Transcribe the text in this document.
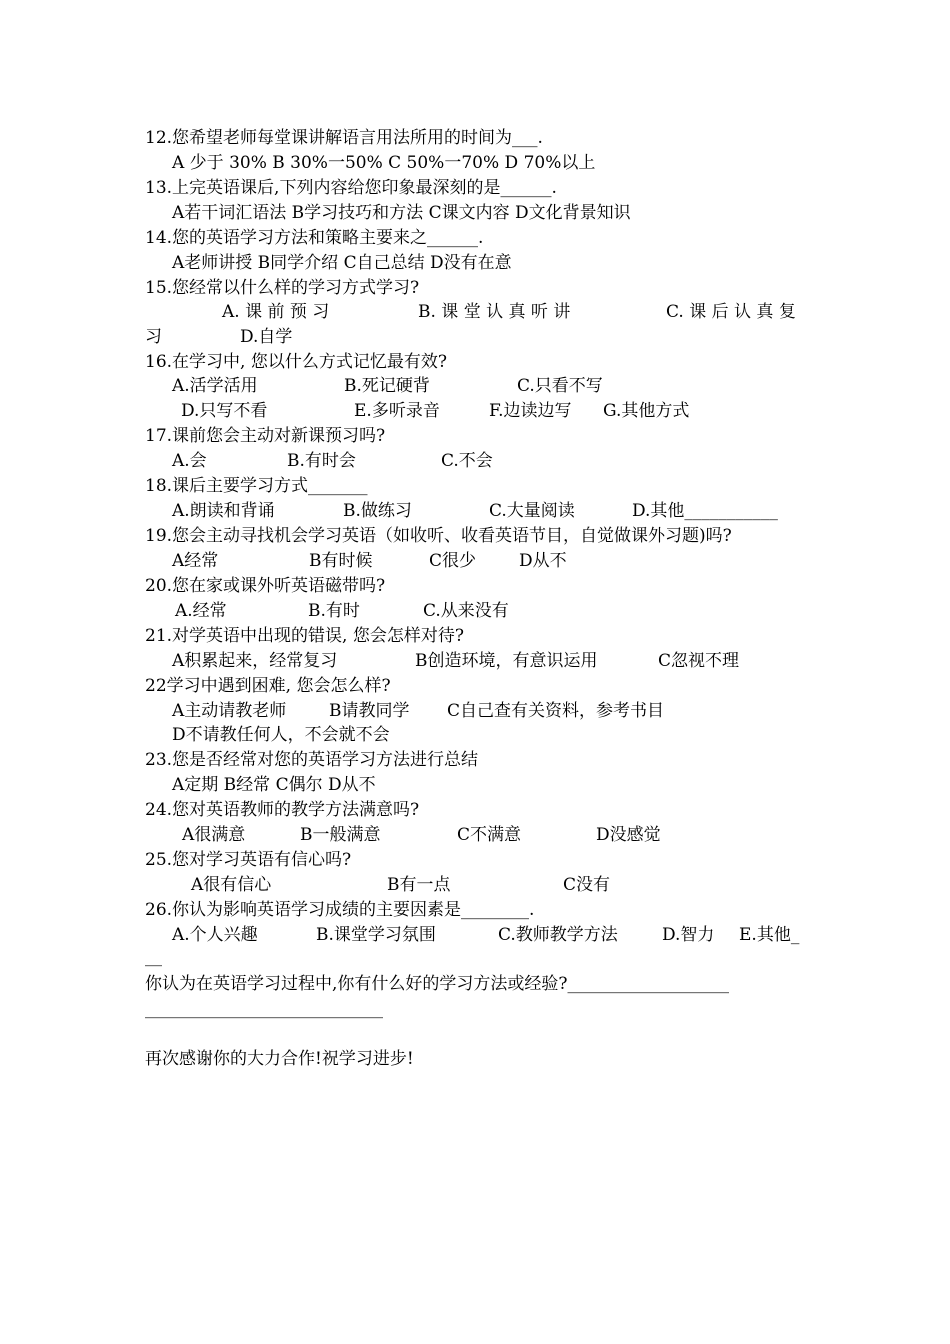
12.您希望老师每堂课讲解语言用法所用的时间为___.
A 少于 30% B 30%一50% C 50%一70% D 70%以上
13.上完英语课后,下列内容给您印象最深刻的是______.
A若干词汇语法 B学习技巧和方法 C课文内容 D文化背景知识
14.您的英语学习方法和策略主要来之______.
A老师讲授 B同学介绍 C自己总结 D没有在意
15.您经常以什么样的学习方式学习?
A. 课 前 预 习	B. 课 堂 认 真 听 讲	C. 课 后 认 真 复
习	D.自学
16.在学习中, 您以什么方式记忆最有效?
A.活学活用	B.死记硬背	C.只看不写
D.只写不看	E.多听录音	F.边读边写 G.其他方式
17.课前您会主动对新课预习吗?
A.会	B.有时会	C.不会
18.课后主要学习方式_______
A.朗读和背诵	B.做练习	C.大量阅读	D.其他___________
19.您会主动寻找机会学习英语（如收听、收看英语节目，自觉做课外习题)吗?
A经常	B有时候	C很少	D从不
20.您在家或课外听英语磁带吗?
A.经常	B.有时	C.从来没有
21.对学英语中出现的错误, 您会怎样对待?
A积累起来，经常复习	B创造环境，有意识运用	C忽视不理
22学习中遇到困难, 您会怎么样?
A主动请教老师	B请教同学 C自己查有关资料，参考书目
D不请教任何人，不会就不会
23.您是否经常对您的英语学习方法进行总结
A定期 B经常 C偶尔 D从不
24.您对英语教师的教学方法满意吗?
A很满意	B一般满意	C不满意	D没感觉
25.您对学习英语有信心吗?
A很有信心	B有一点	C没有
26.你认为影响英语学习成绩的主要因素是________.
A.个人兴趣	B.课堂学习氛围	C.教师教学方法	D.智力 E.其他_
__
你认为在英语学习过程中,你有什么好的学习方法或经验?___________________
____________________________
再次感谢你的大力合作!祝学习进步!
